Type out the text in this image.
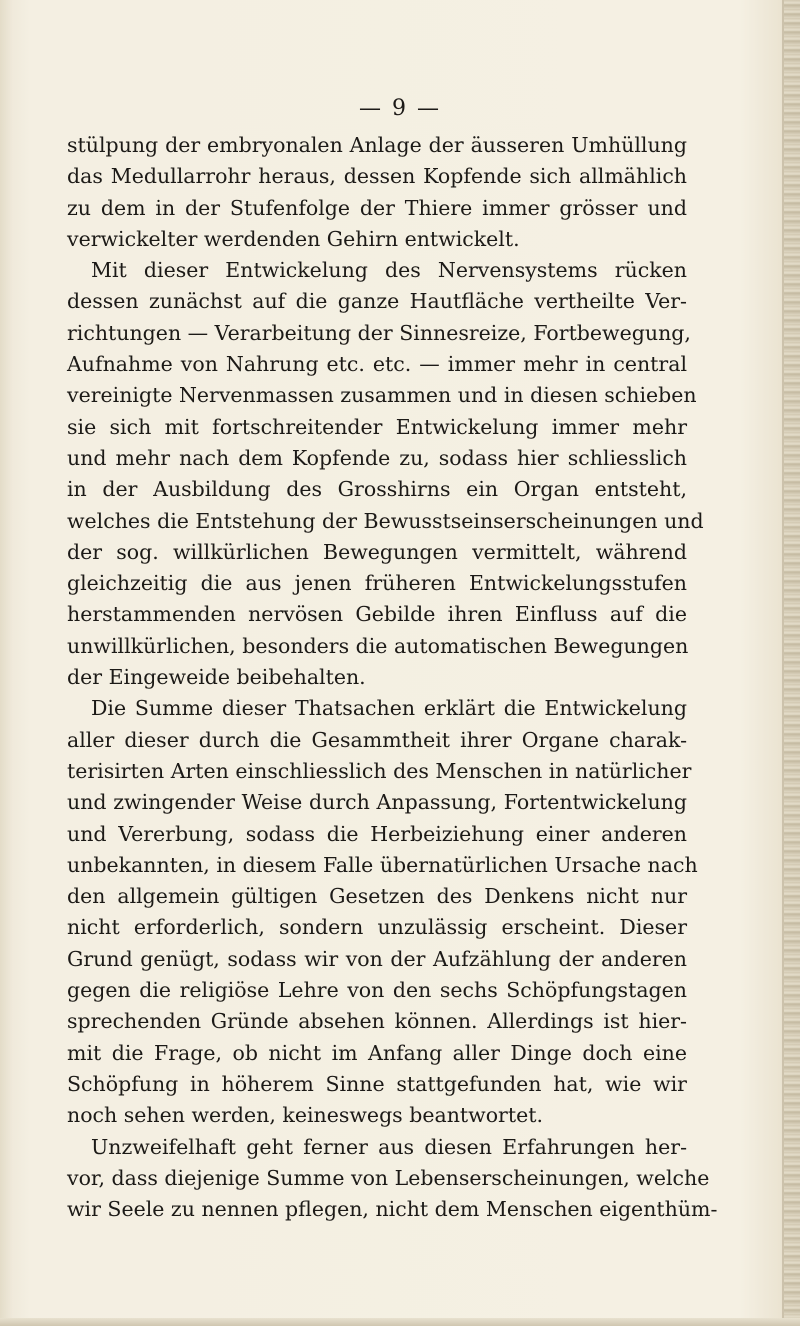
— 9 —
stülpung der embryonalen Anlage der äusseren Umhüllung
das Medullarrohr heraus, dessen Kopfende sich allmählich
zu dem in der Stufenfolge der Thiere immer grösser und
verwickelter werdenden Gehirn entwickelt.
Mit dieser Entwickelung des Nervensystems rücken
dessen zunächst auf die ganze Hautfläche vertheilte Ver-
richtungen — Verarbeitung der Sinnesreize, Fortbewegung,
Aufnahme von Nahrung etc. etc. — immer mehr in central
vereinigte Nervenmassen zusammen und in diesen schieben
sie sich mit fortschreitender Entwickelung immer mehr
und mehr nach dem Kopfende zu, sodass hier schliesslich
in der Ausbildung des Grosshirns ein Organ entsteht,
welches die Entstehung der Bewusstseinserscheinungen und
der sog. willkürlichen Bewegungen vermittelt, während
gleichzeitig die aus jenen früheren Entwickelungsstufen
herstammenden nervösen Gebilde ihren Einfluss auf die
unwillkürlichen, besonders die automatischen Bewegungen
der Eingeweide beibehalten.
Die Summe dieser Thatsachen erklärt die Entwickelung
aller dieser durch die Gesammtheit ihrer Organe charak-
terisirten Arten einschliesslich des Menschen in natürlicher
und zwingender Weise durch Anpassung, Fortentwickelung
und Vererbung, sodass die Herbeiziehung einer anderen
unbekannten, in diesem Falle übernatürlichen Ursache nach
den allgemein gültigen Gesetzen des Denkens nicht nur
nicht erforderlich, sondern unzulässig erscheint. Dieser
Grund genügt, sodass wir von der Aufzählung der anderen
gegen die religiöse Lehre von den sechs Schöpfungstagen
sprechenden Gründe absehen können. Allerdings ist hier-
mit die Frage, ob nicht im Anfang aller Dinge doch eine
Schöpfung in höherem Sinne stattgefunden hat, wie wir
noch sehen werden, keineswegs beantwortet.
Unzweifelhaft geht ferner aus diesen Erfahrungen her-
vor, dass diejenige Summe von Lebenserscheinungen, welche
wir Seele zu nennen pflegen, nicht dem Menschen eigenthüm-
